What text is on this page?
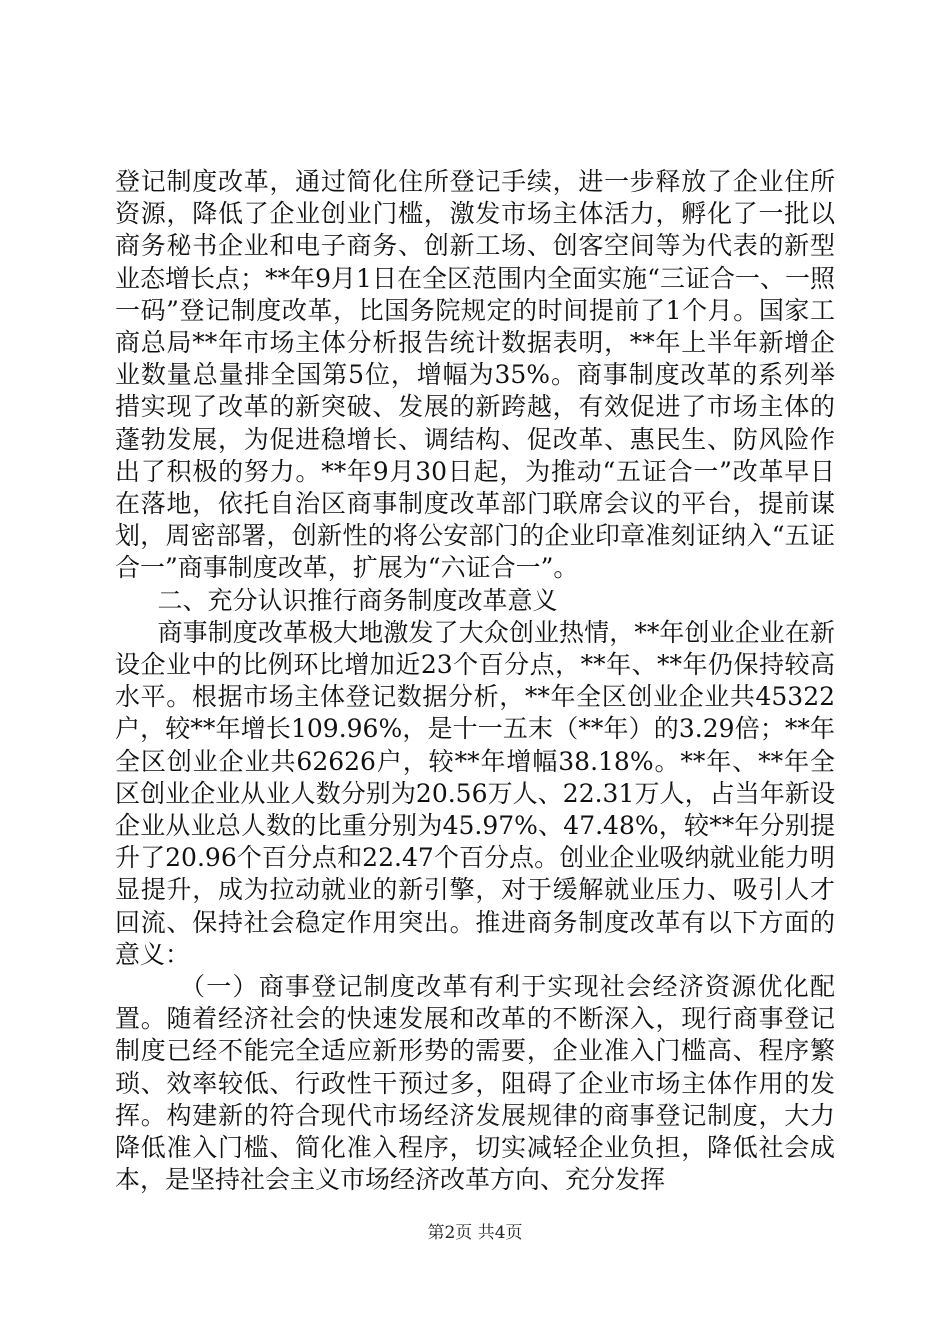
登记制度改革，通过简化住所登记手续，进一步释放了企业住所资源，降低了企业创业门槛，激发市场主体活力，孵化了一批以商务秘书企业和电子商务、创新工场、创客空间等为代表的新型业态增长点；**年9月1日在全区范围内全面实施“三证合一、一照一码”登记制度改革，比国务院规定的时间提前了1个月。国家工商总局**年市场主体分析报告统计数据表明，**年上半年新增企业数量总量排全国第5位，增幅为35%。商事制度改革的系列举措实现了改革的新突破、发展的新跨越，有效促进了市场主体的蓬勃发展，为促进稳增长、调结构、促改革、惠民生、防风险作出了积极的努力。**年9月30日起，为推动“五证合一”改革早日在落地，依托自治区商事制度改革部门联席会议的平台，提前谋划，周密部署，创新性的将公安部门的企业印章准刻证纳入“五证合一”商事制度改革，扩展为“六证合一”。

二、充分认识推行商务制度改革意义

商事制度改革极大地激发了大众创业热情，**年创业企业在新设企业中的比例环比增加近23个百分点，**年、**年仍保持较高水平。根据市场主体登记数据分析，**年全区创业企业共45322户，较**年增长109.96%，是十一五末（**年）的3.29倍；**年全区创业企业共62626户，较**年增幅38.18%。**年、**年全区创业企业从业人数分别为20.56万人、22.31万人，占当年新设企业从业总人数的比重分别为45.97%、47.48%，较**年分别提升了20.96个百分点和22.47个百分点。创业企业吸纳就业能力明显提升，成为拉动就业的新引擎，对于缓解就业压力、吸引人才回流、保持社会稳定作用突出。推进商务制度改革有以下方面的意义：

（一）商事登记制度改革有利于实现社会经济资源优化配置。随着经济社会的快速发展和改革的不断深入，现行商事登记制度已经不能完全适应新形势的需要，企业准入门槛高、程序繁琐、效率较低、行政性干预过多，阻碍了企业市场主体作用的发挥。构建新的符合现代市场经济发展规律的商事登记制度，大力降低准入门槛、简化准入程序，切实减轻企业负担，降低社会成本，是坚持社会主义市场经济改革方向、充分发挥

第2页 共4页
